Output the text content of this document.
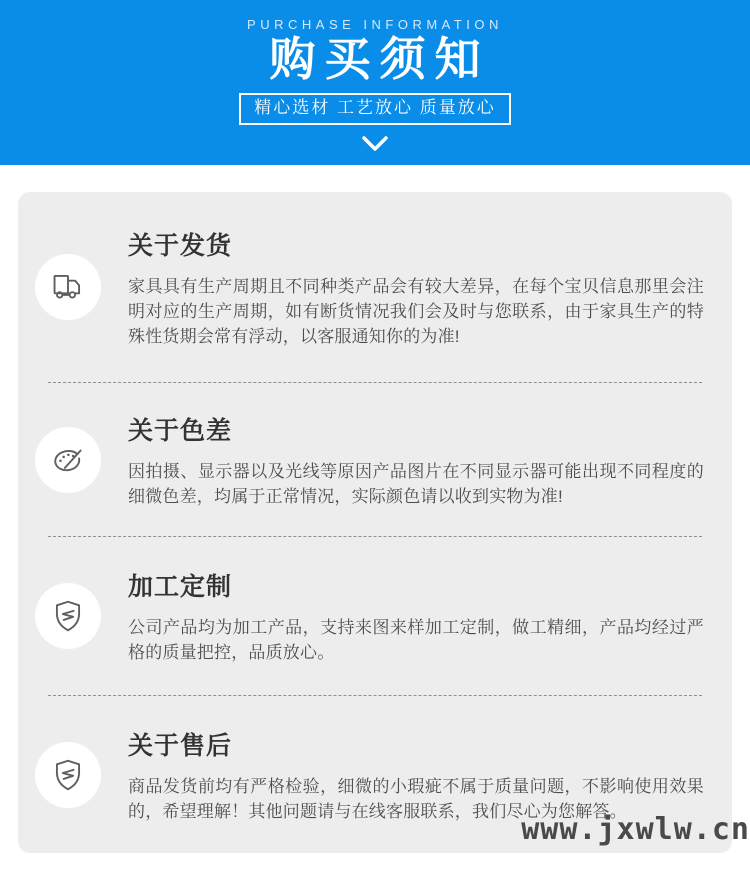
PURCHASE INFORMATION
购买须知
精心选材 工艺放心 质量放心
关于发货

家具具有生产周期且不同种类产品会有较大差异，在每个宝贝信息那里会注明对应的生产周期，如有断货情况我们会及时与您联系，由于家具生产的特殊性货期会常有浮动，以客服通知你的为准!

关于色差

因拍摄、显示器以及光线等原因产品图片在不同显示器可能出现不同程度的细微色差，均属于正常情况，实际颜色请以收到实物为准!

加工定制

公司产品均为加工产品，支持来图来样加工定制，做工精细，产品均经过严格的质量把控，品质放心。

关于售后

商品发货前均有严格检验，细微的小瑕疵不属于质量问题，不影响使用效果的，希望理解！其他问题请与在线客服联系，我们尽心为您解答。

www.jxwlw.cn
